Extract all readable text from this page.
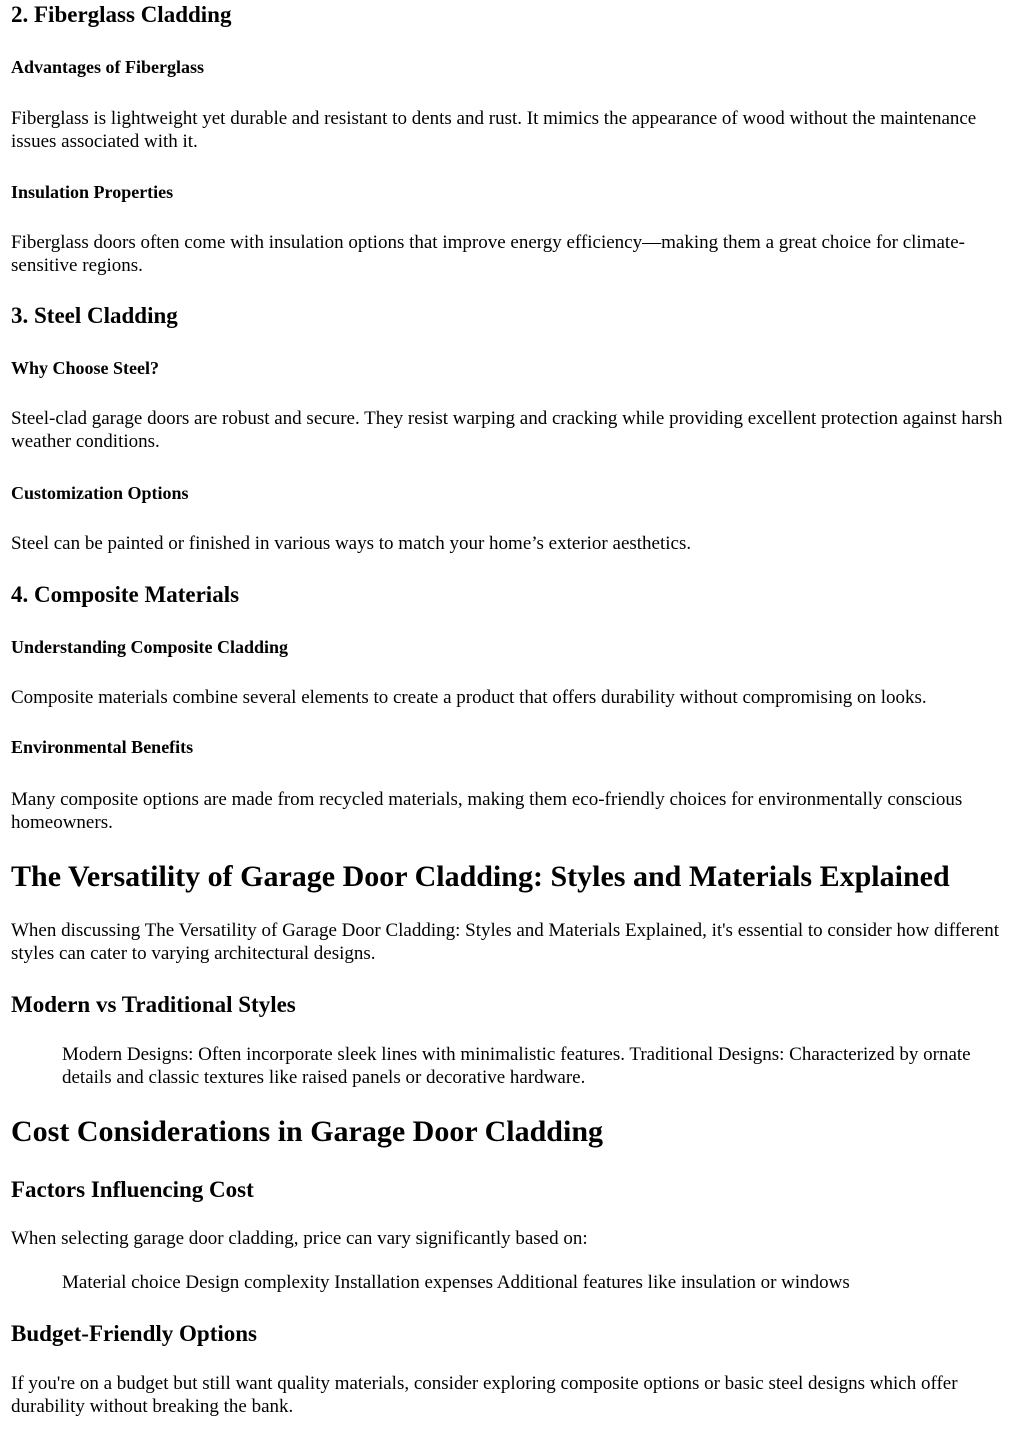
2. Fiberglass Cladding
Advantages of Fiberglass

Fiberglass is lightweight yet durable and resistant to dents and rust. It mimics the appearance of wood without the maintenance issues associated with it.

Insulation Properties

Fiberglass doors often come with insulation options that improve energy efficiency—making them a great choice for climate-sensitive regions.

3. Steel Cladding
Why Choose Steel?

Steel-clad garage doors are robust and secure. They resist warping and cracking while providing excellent protection against harsh weather conditions.

Customization Options

Steel can be painted or finished in various ways to match your home’s exterior aesthetics.

4. Composite Materials
Understanding Composite Cladding

Composite materials combine several elements to create a product that offers durability without compromising on looks.

Environmental Benefits

Many composite options are made from recycled materials, making them eco-friendly choices for environmentally conscious homeowners.

The Versatility of Garage Door Cladding: Styles and Materials Explained

When discussing The Versatility of Garage Door Cladding: Styles and Materials Explained, it's essential to consider how different styles can cater to varying architectural designs.

Modern vs Traditional Styles

Modern Designs: Often incorporate sleek lines with minimalistic features. Traditional Designs: Characterized by ornate details and classic textures like raised panels or decorative hardware.

Cost Considerations in Garage Door Cladding
Factors Influencing Cost

When selecting garage door cladding, price can vary significantly based on:

Material choice Design complexity Installation expenses Additional features like insulation or windows

Budget-Friendly Options

If you're on a budget but still want quality materials, consider exploring composite options or basic steel designs which offer durability without breaking the bank.
